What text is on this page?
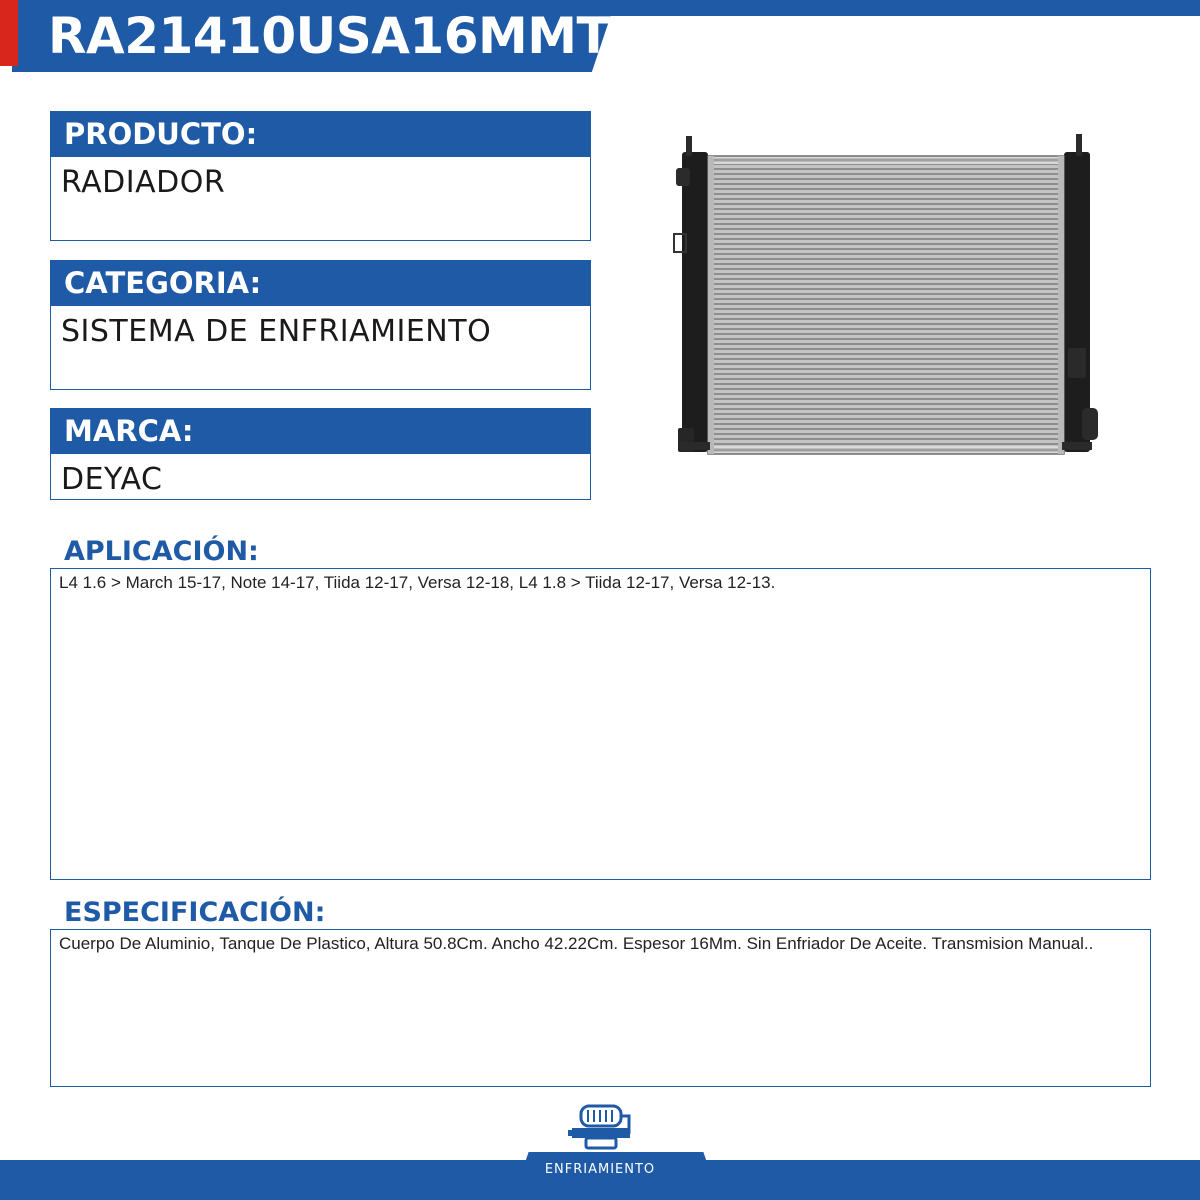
RA21410USA16MMTM
PRODUCTO:
RADIADOR
CATEGORIA:
SISTEMA DE ENFRIAMIENTO
MARCA:
DEYAC
APLICACIÓN:
L4 1.6 > March 15-17, Note 14-17, Tiida 12-17, Versa 12-18, L4 1.8 > Tiida 12-17, Versa 12-13.
ESPECIFICACIÓN:
Cuerpo De Aluminio, Tanque De Plastico, Altura 50.8Cm. Ancho 42.22Cm. Espesor 16Mm. Sin Enfriador De Aceite. Transmision Manual..
ENFRIAMIENTO
